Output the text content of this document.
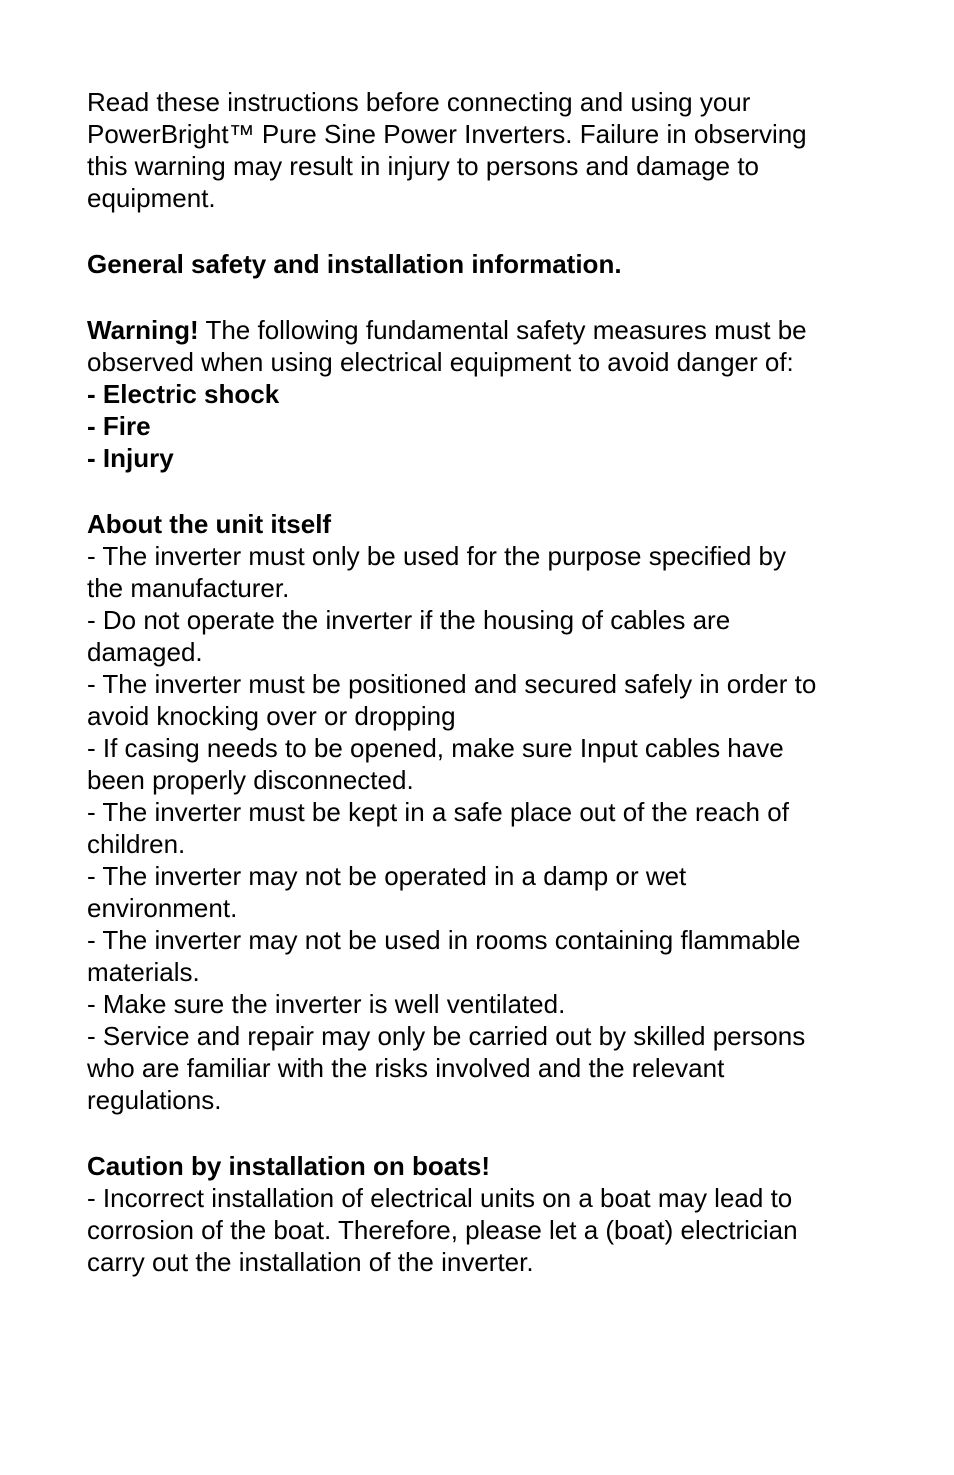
Read these instructions before connecting and using your
PowerBright™ Pure Sine Power Inverters. Failure in observing
this warning may result in injury to persons and damage to
equipment.
General safety and installation information.
Warning! The following fundamental safety measures must be
observed when using electrical equipment to avoid danger of:
- Electric shock
- Fire
- Injury
About the unit itself
- The inverter must only be used for the purpose specified by
the manufacturer.
- Do not operate the inverter if the housing of cables are
damaged.
- The inverter must be positioned and secured safely in order to
avoid knocking over or dropping
- If casing needs to be opened, make sure Input cables have
been properly disconnected.
- The inverter must be kept in a safe place out of the reach of
children.
- The inverter may not be operated in a damp or wet
environment.
- The inverter may not be used in rooms containing flammable
materials.
- Make sure the inverter is well ventilated.
- Service and repair may only be carried out by skilled persons
who are familiar with the risks involved and the relevant
regulations.
Caution by installation on boats!
- Incorrect installation of electrical units on a boat may lead to
corrosion of the boat. Therefore, please let a (boat) electrician
carry out the installation of the inverter.
